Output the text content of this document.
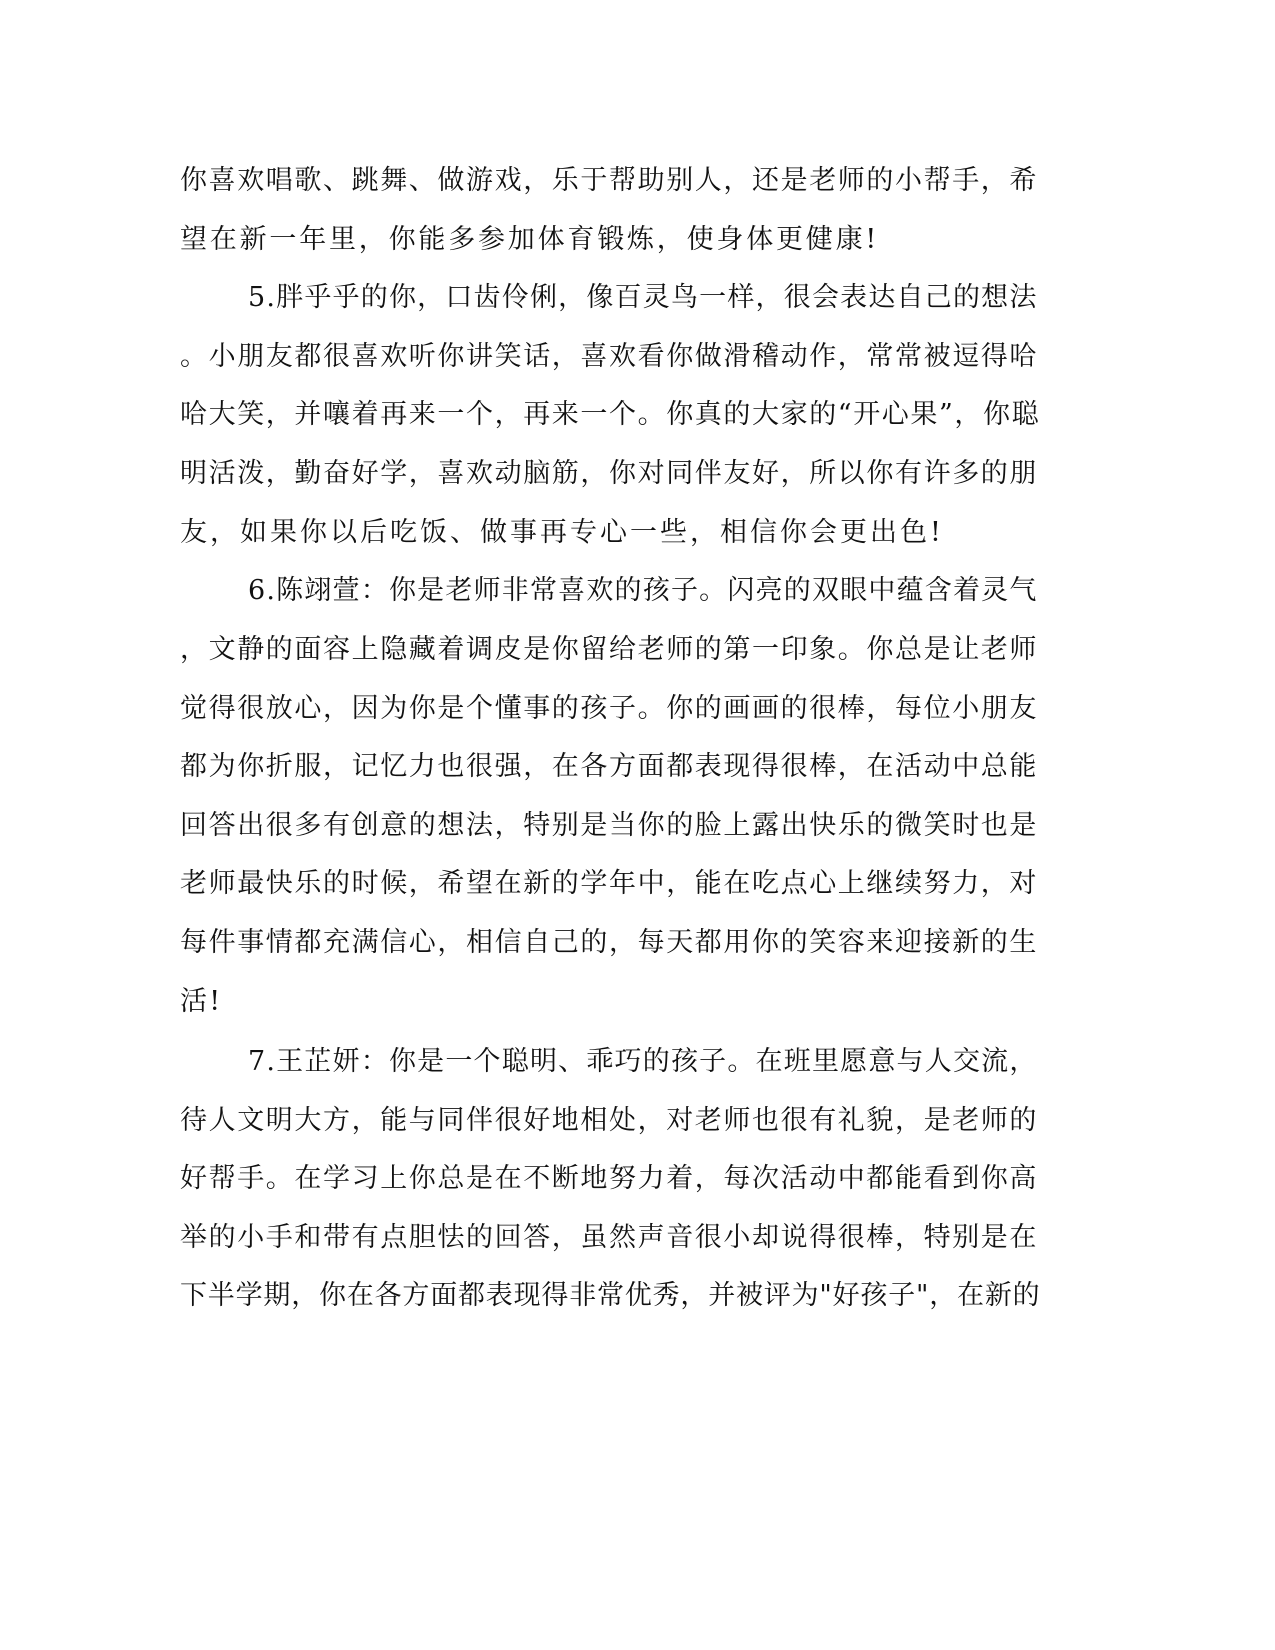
你喜欢唱歌、跳舞、做游戏，乐于帮助别人，还是老师的小帮手，希
望在新一年里，你能多参加体育锻炼，使身体更健康!
5.胖乎乎的你，口齿伶俐，像百灵鸟一样，很会表达自己的想法
。小朋友都很喜欢听你讲笑话，喜欢看你做滑稽动作，常常被逗得哈
哈大笑，并嚷着再来一个，再来一个。你真的大家的“开心果”，你聪
明活泼，勤奋好学，喜欢动脑筋，你对同伴友好，所以你有许多的朋
友，如果你以后吃饭、做事再专心一些，相信你会更出色!
6.陈翊萱：你是老师非常喜欢的孩子。闪亮的双眼中蕴含着灵气
，文静的面容上隐藏着调皮是你留给老师的第一印象。你总是让老师
觉得很放心，因为你是个懂事的孩子。你的画画的很棒，每位小朋友
都为你折服，记忆力也很强，在各方面都表现得很棒，在活动中总能
回答出很多有创意的想法，特别是当你的脸上露出快乐的微笑时也是
老师最快乐的时候，希望在新的学年中，能在吃点心上继续努力，对
每件事情都充满信心，相信自己的，每天都用你的笑容来迎接新的生
活!
7.王芷妍：你是一个聪明、乖巧的孩子。在班里愿意与人交流，
待人文明大方，能与同伴很好地相处，对老师也很有礼貌，是老师的
好帮手。在学习上你总是在不断地努力着，每次活动中都能看到你高
举的小手和带有点胆怯的回答，虽然声音很小却说得很棒，特别是在
下半学期，你在各方面都表现得非常优秀，并被评为"好孩子"，在新的
